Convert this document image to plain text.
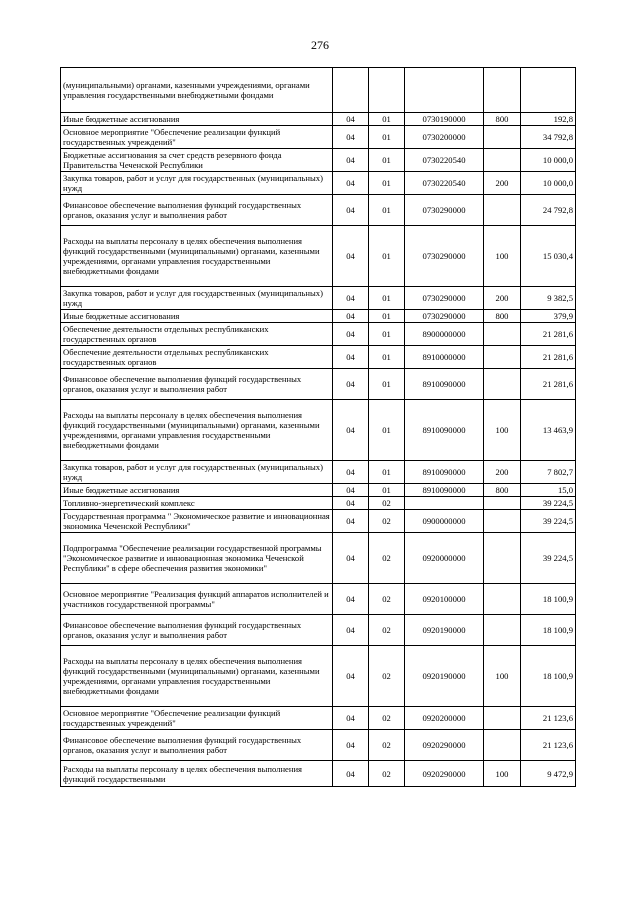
276
(муниципальными) органами, казенными учреждениями, органами управления государственными внебюджетными фондами					
Иные бюджетные ассигнования	04	01	0730190000	800	192,8
Основное мероприятие "Обеспечение реализации функций государственных учреждений"	04	01	0730200000		34 792,8
Бюджетные ассигнования за счет средств резервного фонда Правительства Чеченской Республики	04	01	0730220540		10 000,0
Закупка товаров, работ и услуг для государственных (муниципальных) нужд	04	01	0730220540	200	10 000,0
Финансовое обеспечение выполнения функций государственных органов, оказания услуг и выполнения работ	04	01	0730290000		24 792,8
Расходы на выплаты персоналу в целях обеспечения выполнения функций государственными (муниципальными) органами, казенными учреждениями, органами управления государственными внебюджетными фондами	04	01	0730290000	100	15 030,4
Закупка товаров, работ и услуг для государственных (муниципальных) нужд	04	01	0730290000	200	9 382,5
Иные бюджетные ассигнования	04	01	0730290000	800	379,9
Обеспечение деятельности отдельных республиканских государственных органов	04	01	8900000000		21 281,6
Обеспечение деятельности отдельных республиканских государственных органов	04	01	8910000000		21 281,6
Финансовое обеспечение выполнения функций государственных органов, оказания услуг и выполнения работ	04	01	8910090000		21 281,6
Расходы на выплаты персоналу в целях обеспечения выполнения функций государственными (муниципальными) органами, казенными учреждениями, органами управления государственными внебюджетными фондами	04	01	8910090000	100	13 463,9
Закупка товаров, работ и услуг для государственных (муниципальных) нужд	04	01	8910090000	200	7 802,7
Иные бюджетные ассигнования	04	01	8910090000	800	15,0
Топливно-энергетический комплекс	04	02			39 224,5
Государственная программа " Экономическое развитие и инновационная экономика Чеченской Республики"	04	02	0900000000		39 224,5
Подпрограмма "Обеспечение реализации государственной программы "Экономическое развитие и инновационная экономика Чеченской Республики" в сфере обеспечения развития экономики"	04	02	0920000000		39 224,5
Основное мероприятие "Реализация функций аппаратов исполнителей и участников государственной программы"	04	02	0920100000		18 100,9
Финансовое обеспечение выполнения функций государственных органов, оказания услуг и выполнения работ	04	02	0920190000		18 100,9
Расходы на выплаты персоналу в целях обеспечения выполнения функций государственными (муниципальными) органами, казенными учреждениями, органами управления государственными внебюджетными фондами	04	02	0920190000	100	18 100,9
Основное мероприятие "Обеспечение реализации функций государственных учреждений"	04	02	0920200000		21 123,6
Финансовое обеспечение выполнения функций государственных органов, оказания услуг и выполнения работ	04	02	0920290000		21 123,6
Расходы на выплаты персоналу в целях обеспечения выполнения функций государственными	04	02	0920290000	100	9 472,9
